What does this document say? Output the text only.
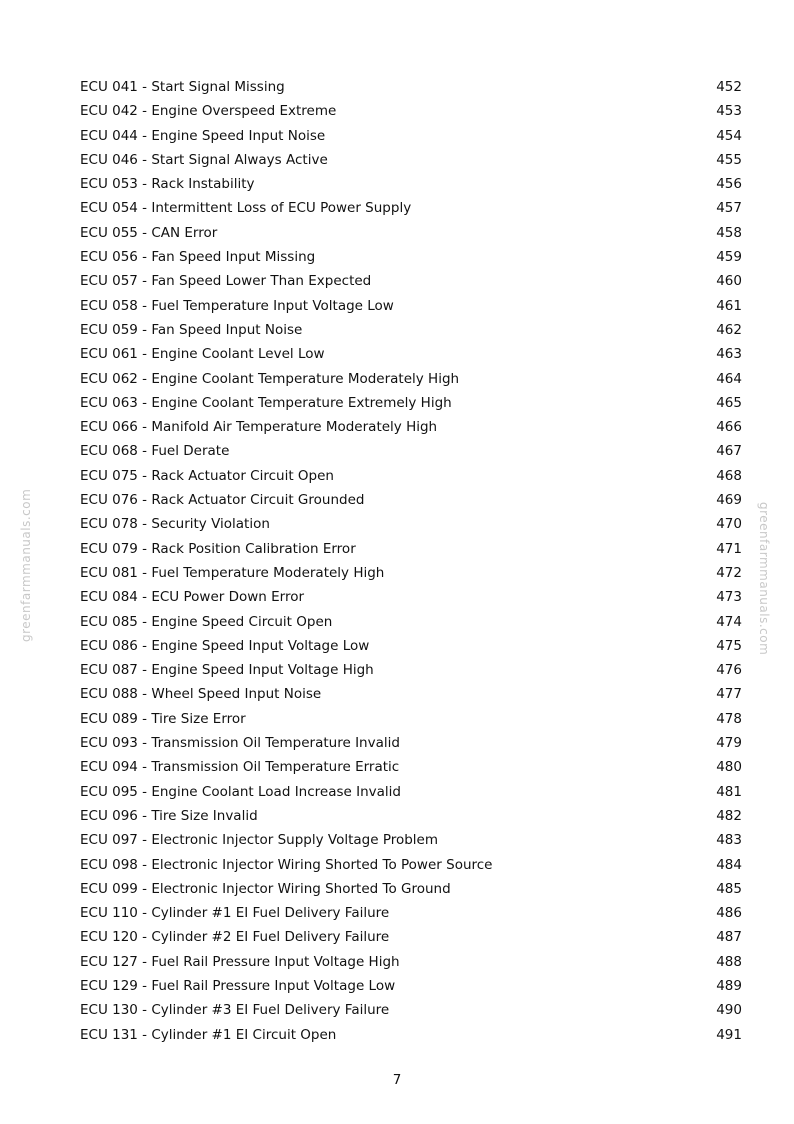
greenfarmmanuals.com	greenfarmmanuals.com
ECU 041 - Start Signal Missing	452
ECU 042 - Engine Overspeed Extreme	453
ECU 044 - Engine Speed Input Noise	454
ECU 046 - Start Signal Always Active	455
ECU 053 - Rack Instability	456
ECU 054 - Intermittent Loss of ECU Power Supply	457
ECU 055 - CAN Error	458
ECU 056 - Fan Speed Input Missing	459
ECU 057 - Fan Speed Lower Than Expected	460
ECU 058 - Fuel Temperature Input Voltage Low	461
ECU 059 - Fan Speed Input Noise	462
ECU 061 - Engine Coolant Level Low	463
ECU 062 - Engine Coolant Temperature Moderately High	464
ECU 063 - Engine Coolant Temperature Extremely High	465
ECU 066 - Manifold Air Temperature Moderately High	466
ECU 068 - Fuel Derate	467
ECU 075 - Rack Actuator Circuit Open	468
ECU 076 - Rack Actuator Circuit Grounded	469
ECU 078 - Security Violation	470
ECU 079 - Rack Position Calibration Error	471
ECU 081 - Fuel Temperature Moderately High	472
ECU 084 - ECU Power Down Error	473
ECU 085 - Engine Speed Circuit Open	474
ECU 086 - Engine Speed Input Voltage Low	475
ECU 087 - Engine Speed Input Voltage High	476
ECU 088 - Wheel Speed Input Noise	477
ECU 089 - Tire Size Error	478
ECU 093 - Transmission Oil Temperature Invalid	479
ECU 094 - Transmission Oil Temperature Erratic	480
ECU 095 - Engine Coolant Load Increase Invalid	481
ECU 096 - Tire Size Invalid	482
ECU 097 - Electronic Injector Supply Voltage Problem	483
ECU 098 - Electronic Injector Wiring Shorted To Power Source	484
ECU 099 - Electronic Injector Wiring Shorted To Ground	485
ECU 110 - Cylinder #1 EI Fuel Delivery Failure	486
ECU 120 - Cylinder #2 EI Fuel Delivery Failure	487
ECU 127 - Fuel Rail Pressure Input Voltage High	488
ECU 129 - Fuel Rail Pressure Input Voltage Low	489
ECU 130 - Cylinder #3 EI Fuel Delivery Failure	490
ECU 131 - Cylinder #1 EI Circuit Open	491
7
